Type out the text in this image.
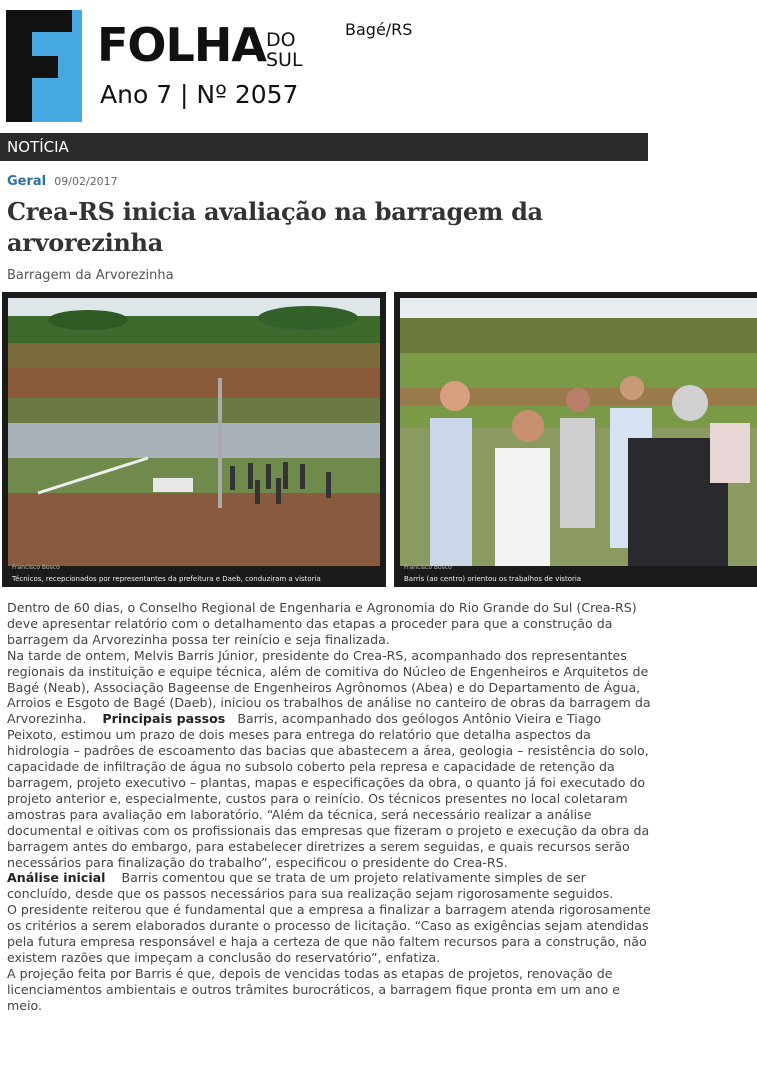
FOLHA DO
SUL
Ano 7 | Nº 2057
Bagé/RS
NOTÍCIA
Geral 09/02/2017
Crea-RS inicia avaliação na barragem da arvorezinha
Barragem da Arvorezinha
Francisco Bosco
Técnicos, recepcionados por representantes da prefeitura e Daeb, conduziram a vistoria
Francisco Bosco
Barris (ao centro) orientou os trabalhos de vistoria
Dentro de 60 dias, o Conselho Regional de Engenharia e Agronomia do Rio Grande do Sul (Crea-RS) deve apresentar relatório com o detalhamento das etapas a proceder para que a construção da barragem da Arvorezinha possa ter reinício e seja finalizada.
Na tarde de ontem, Melvis Barris Júnior, presidente do Crea-RS, acompanhado dos representantes regionais da instituição e equipe técnica, além de comitiva do Núcleo de Engenheiros e Arquitetos de Bagé (Neab), Associação Bageense de Engenheiros Agrônomos (Abea) e do Departamento de Água, Arroios e Esgoto de Bagé (Daeb), iniciou os trabalhos de análise no canteiro de obras da barragem da Arvorezinha. Principais passos Barris, acompanhado dos geólogos Antônio Vieira e Tiago Peixoto, estimou um prazo de dois meses para entrega do relatório que detalha aspectos da hidrologia – padrões de escoamento das bacias que abastecem a área, geologia – resistência do solo, capacidade de infiltração de água no subsolo coberto pela represa e capacidade de retenção da barragem, projeto executivo – plantas, mapas e especificações da obra, o quanto já foi executado do projeto anterior e, especialmente, custos para o reinício. Os técnicos presentes no local coletaram amostras para avaliação em laboratório. “Além da técnica, será necessário realizar a análise documental e oitivas com os profissionais das empresas que fizeram o projeto e execução da obra da barragem antes do embargo, para estabelecer diretrizes a serem seguidas, e quais recursos serão necessários para finalização do trabalho”, especificou o presidente do Crea-RS.
Análise inicial Barris comentou que se trata de um projeto relativamente simples de ser concluído, desde que os passos necessários para sua realização sejam rigorosamente seguidos.
O presidente reiterou que é fundamental que a empresa a finalizar a barragem atenda rigorosamente os critérios a serem elaborados durante o processo de licitação. “Caso as exigências sejam atendidas pela futura empresa responsável e haja a certeza de que não faltem recursos para a construção, não existem razões que impeçam a conclusão do reservatório”, enfatiza.
A projeção feita por Barris é que, depois de vencidas todas as etapas de projetos, renovação de licenciamentos ambientais e outros trâmites burocráticos, a barragem fique pronta em um ano e meio.
